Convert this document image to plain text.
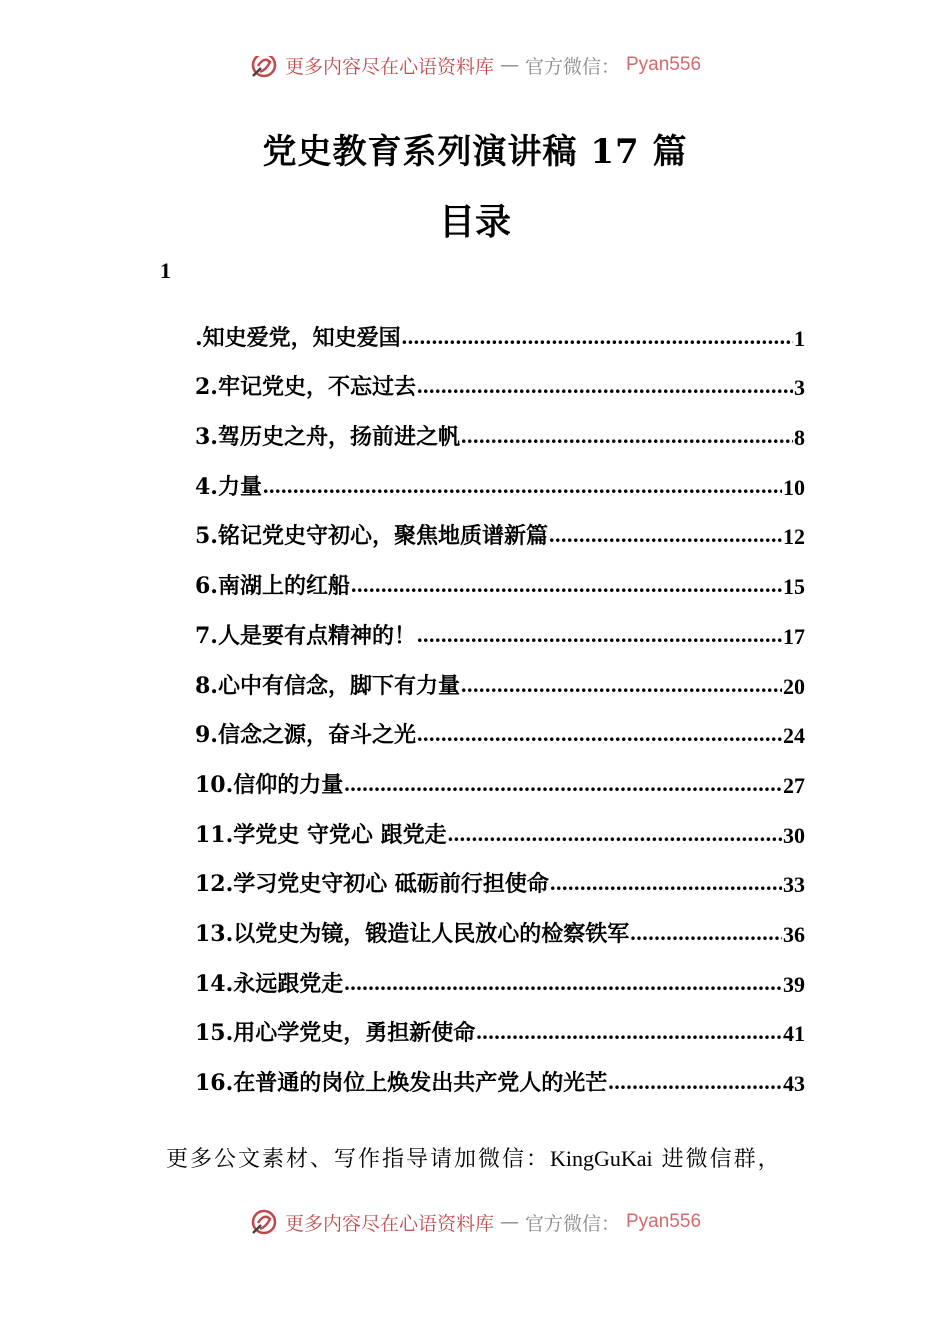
更多内容尽在心语资料库 — 官方微信： Pyan556
党史教育系列演讲稿 17 篇
目录
1
.知史爱党，知史爱国 .....	1
2.牢记党史，不忘过去 .....	3
3.驾历史之舟，扬前进之帆 .....	8
4.力量 .....	10
5.铭记党史守初心，聚焦地质谱新篇 .....	12
6.南湖上的红船 .....	15
7.人是要有点精神的！ .....	17
8.心中有信念，脚下有力量 .....	20
9.信念之源，奋斗之光 .....	24
10.信仰的力量 .....	27
11.学党史 守党心 跟党走 .....	30
12.学习党史守初心 砥砺前行担使命 .....	33
13.以党史为镜，锻造让人民放心的检察铁军 .....	36
14.永远跟党走 .....	39
15.用心学党史，勇担新使命 .....	41
16.在普通的岗位上焕发出共产党人的光芒 .....	43
更多公文素材、写作指导请加微信：KingGuKai 进微信群，
更多内容尽在心语资料库 — 官方微信： Pyan556
